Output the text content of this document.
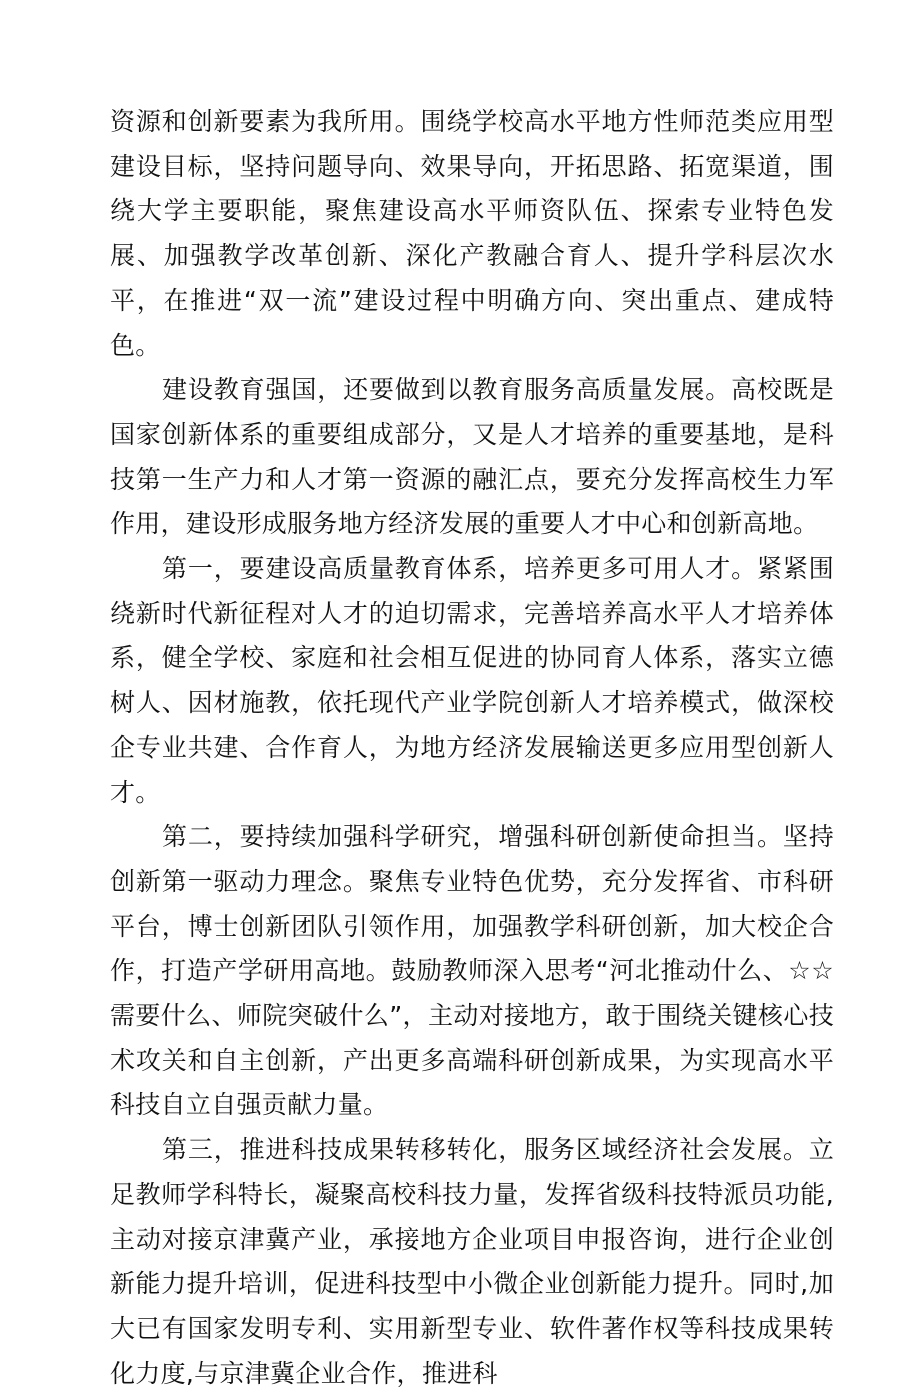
资源和创新要素为我所用。围绕学校高水平地方性师范类应用型建设目标，坚持问题导向、效果导向，开拓思路、拓宽渠道，围绕大学主要职能，聚焦建设高水平师资队伍、探索专业特色发展、加强教学改革创新、深化产教融合育人、提升学科层次水平，在推进“双一流”建设过程中明确方向、突出重点、建成特色。

建设教育强国，还要做到以教育服务高质量发展。高校既是国家创新体系的重要组成部分，又是人才培养的重要基地，是科技第一生产力和人才第一资源的融汇点，要充分发挥高校生力军作用，建设形成服务地方经济发展的重要人才中心和创新高地。

第一，要建设高质量教育体系，培养更多可用人才。紧紧围绕新时代新征程对人才的迫切需求，完善培养高水平人才培养体系，健全学校、家庭和社会相互促进的协同育人体系，落实立德树人、因材施教，依托现代产业学院创新人才培养模式，做深校企专业共建、合作育人，为地方经济发展输送更多应用型创新人才。

第二，要持续加强科学研究，增强科研创新使命担当。坚持创新第一驱动力理念。聚焦专业特色优势，充分发挥省、市科研平台，博士创新团队引领作用，加强教学科研创新，加大校企合作，打造产学研用高地。鼓励教师深入思考“河北推动什么、☆☆需要什么、师院突破什么”，主动对接地方，敢于围绕关键核心技术攻关和自主创新，产出更多高端科研创新成果，为实现高水平科技自立自强贡献力量。

第三，推进科技成果转移转化，服务区域经济社会发展。立足教师学科特长，凝聚高校科技力量，发挥省级科技特派员功能,主动对接京津冀产业，承接地方企业项目申报咨询，进行企业创新能力提升培训，促进科技型中小微企业创新能力提升。同时,加大已有国家发明专利、实用新型专业、软件著作权等科技成果转化力度,与京津冀企业合作，推进科
